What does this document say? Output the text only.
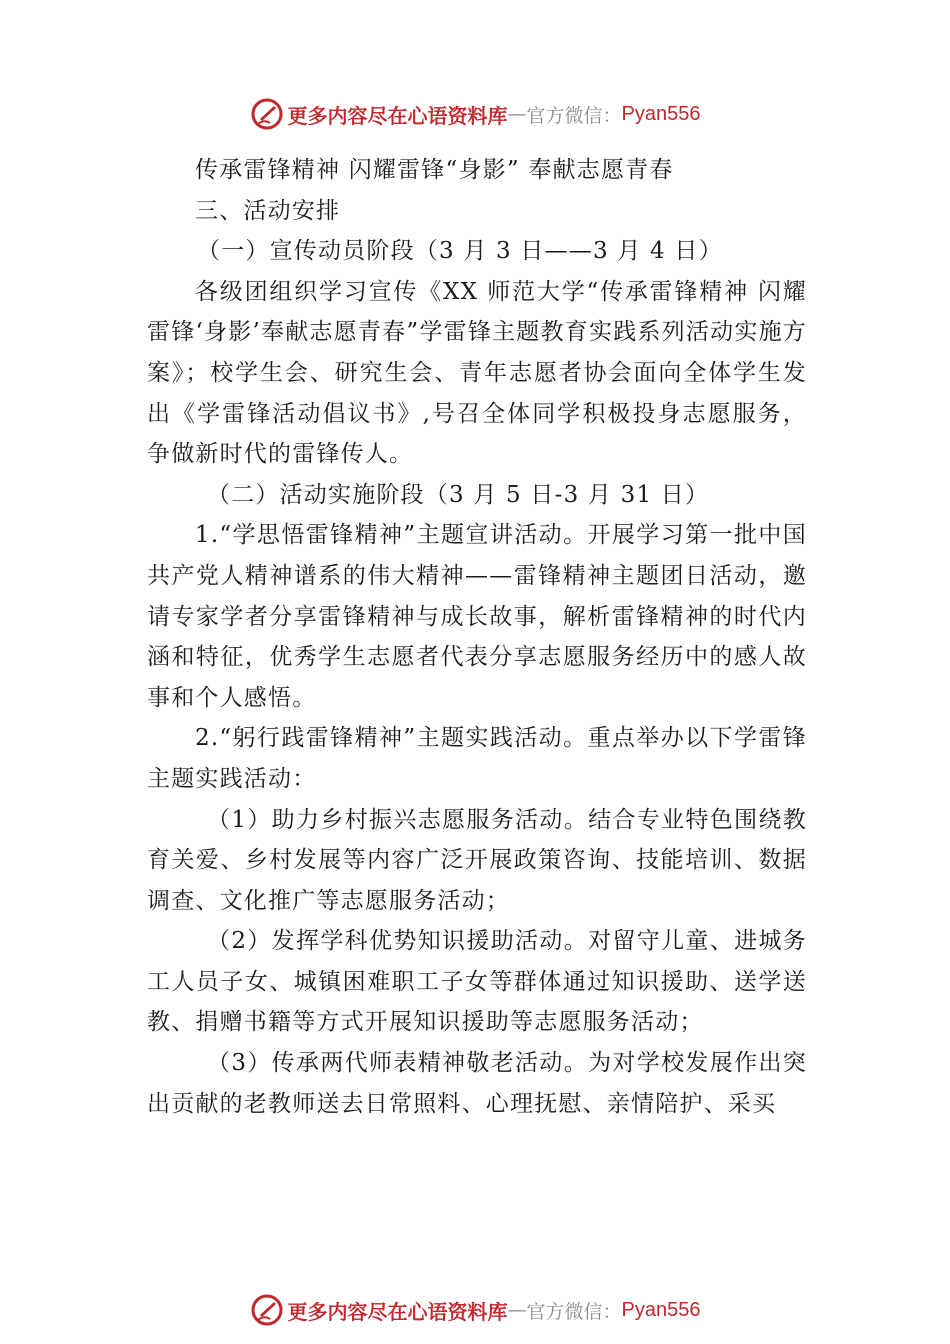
更多内容尽在心语资料库 — 官方微信： Pyan556

传承雷锋精神 闪耀雷锋“身影” 奉献志愿青春

三、活动安排

（一）宣传动员阶段（3 月 3 日——3 月 4 日）

各级团组织学习宣传《XX 师范大学“传承雷锋精神 闪耀雷锋‘身影’奉献志愿青春”学雷锋主题教育实践系列活动实施方案》；校学生会、研究生会、青年志愿者协会面向全体学生发出《学雷锋活动倡议书》,号召全体同学积极投身志愿服务，争做新时代的雷锋传人。

（二）活动实施阶段（3 月 5 日-3 月 31 日）

1.“学思悟雷锋精神”主题宣讲活动。开展学习第一批中国共产党人精神谱系的伟大精神——雷锋精神主题团日活动，邀请专家学者分享雷锋精神与成长故事，解析雷锋精神的时代内涵和特征，优秀学生志愿者代表分享志愿服务经历中的感人故事和个人感悟。

2.“躬行践雷锋精神”主题实践活动。重点举办以下学雷锋主题实践活动：

（1）助力乡村振兴志愿服务活动。结合专业特色围绕教育关爱、乡村发展等内容广泛开展政策咨询、技能培训、数据调查、文化推广等志愿服务活动；

（2）发挥学科优势知识援助活动。对留守儿童、进城务工人员子女、城镇困难职工子女等群体通过知识援助、送学送教、捐赠书籍等方式开展知识援助等志愿服务活动；

（3）传承两代师表精神敬老活动。为对学校发展作出突出贡献的老教师送去日常照料、心理抚慰、亲情陪护、采买

更多内容尽在心语资料库 — 官方微信： Pyan556
